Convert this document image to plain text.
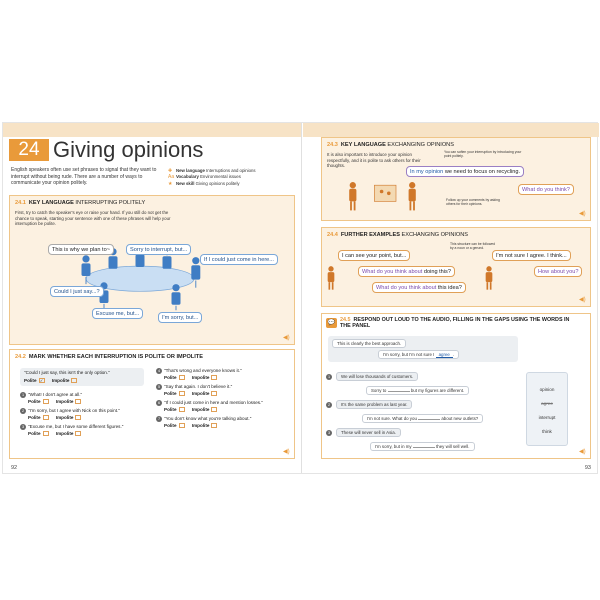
24 Giving opinions
English speakers often use set phrases to signal that they want to interrupt without being rude. There are a number of ways to communicate your opinion politely.
✚ New language Interruptions and opinions
Aa Vocabulary Environmental issues
★ New skill Giving opinions politely
24.1 KEY LANGUAGE INTERRUPTING POLITELY
First, try to catch the speaker's eye or raise your hand. If you still do not get the chance to speak, starting your sentence with one of these phrases will help your interruption be polite.
This is why we plan to~	Sorry to interrupt, but...
If I could just come in here...
Could I just say...?
Excuse me, but...
I'm sorry, but...
◀)
24.2 MARK WHETHER EACH INTERRUPTION IS POLITE OR IMPOLITE
"Could I just say, this isn't the only option."
Polite ✓ Impolite
1 "What! I don't agree at all."
Polite	Impolite
2 "I'm sorry, but I agree with Nick on this point."
Polite	Impolite
3 "Excuse me, but I have some different figures."
Polite	Impolite
4 "That's wrong and everyone knows it."
Polite	Impolite
5 "Say that again. I don't believe it."
Polite	Impolite
6 "If I could just come in here and mention losses."
Polite	Impolite
7 "You don't know what you're talking about."
Polite	Impolite
◀)
92
24.3 KEY LANGUAGE EXCHANGING OPINIONS
It is also important to introduce your opinion respectfully, and it is polite to ask others for their thoughts.
You can soften your interruption by introducing your point politely.
In my opinion we need to focus on recycling.
What do you think?
Follow up your comments by asking others for their opinions.
◀)
24.4 FURTHER EXAMPLES EXCHANGING OPINIONS
This structure can be followed by a noun or a gerund.
I can see your point, but...	I'm not sure I agree. I think...
What do you think about doing this?	How about you?
What do you think about this idea?
◀)
💬 24.5 RESPOND OUT LOUD TO THE AUDIO, FILLING IN THE GAPS USING THE WORDS IN THE PANEL
This is clearly the best approach.
I'm sorry, but I'm not sure I agree .
1	We will lose thousands of customers.
Sorry to	but my figures are different.
2	It's the same problem as last year.
I'm not sure. What do you	about new outlets?
3	These will never sell in Asia.
I'm sorry, but in my	they will sell well.
opinion
agree
interrupt
think
◀)
93
